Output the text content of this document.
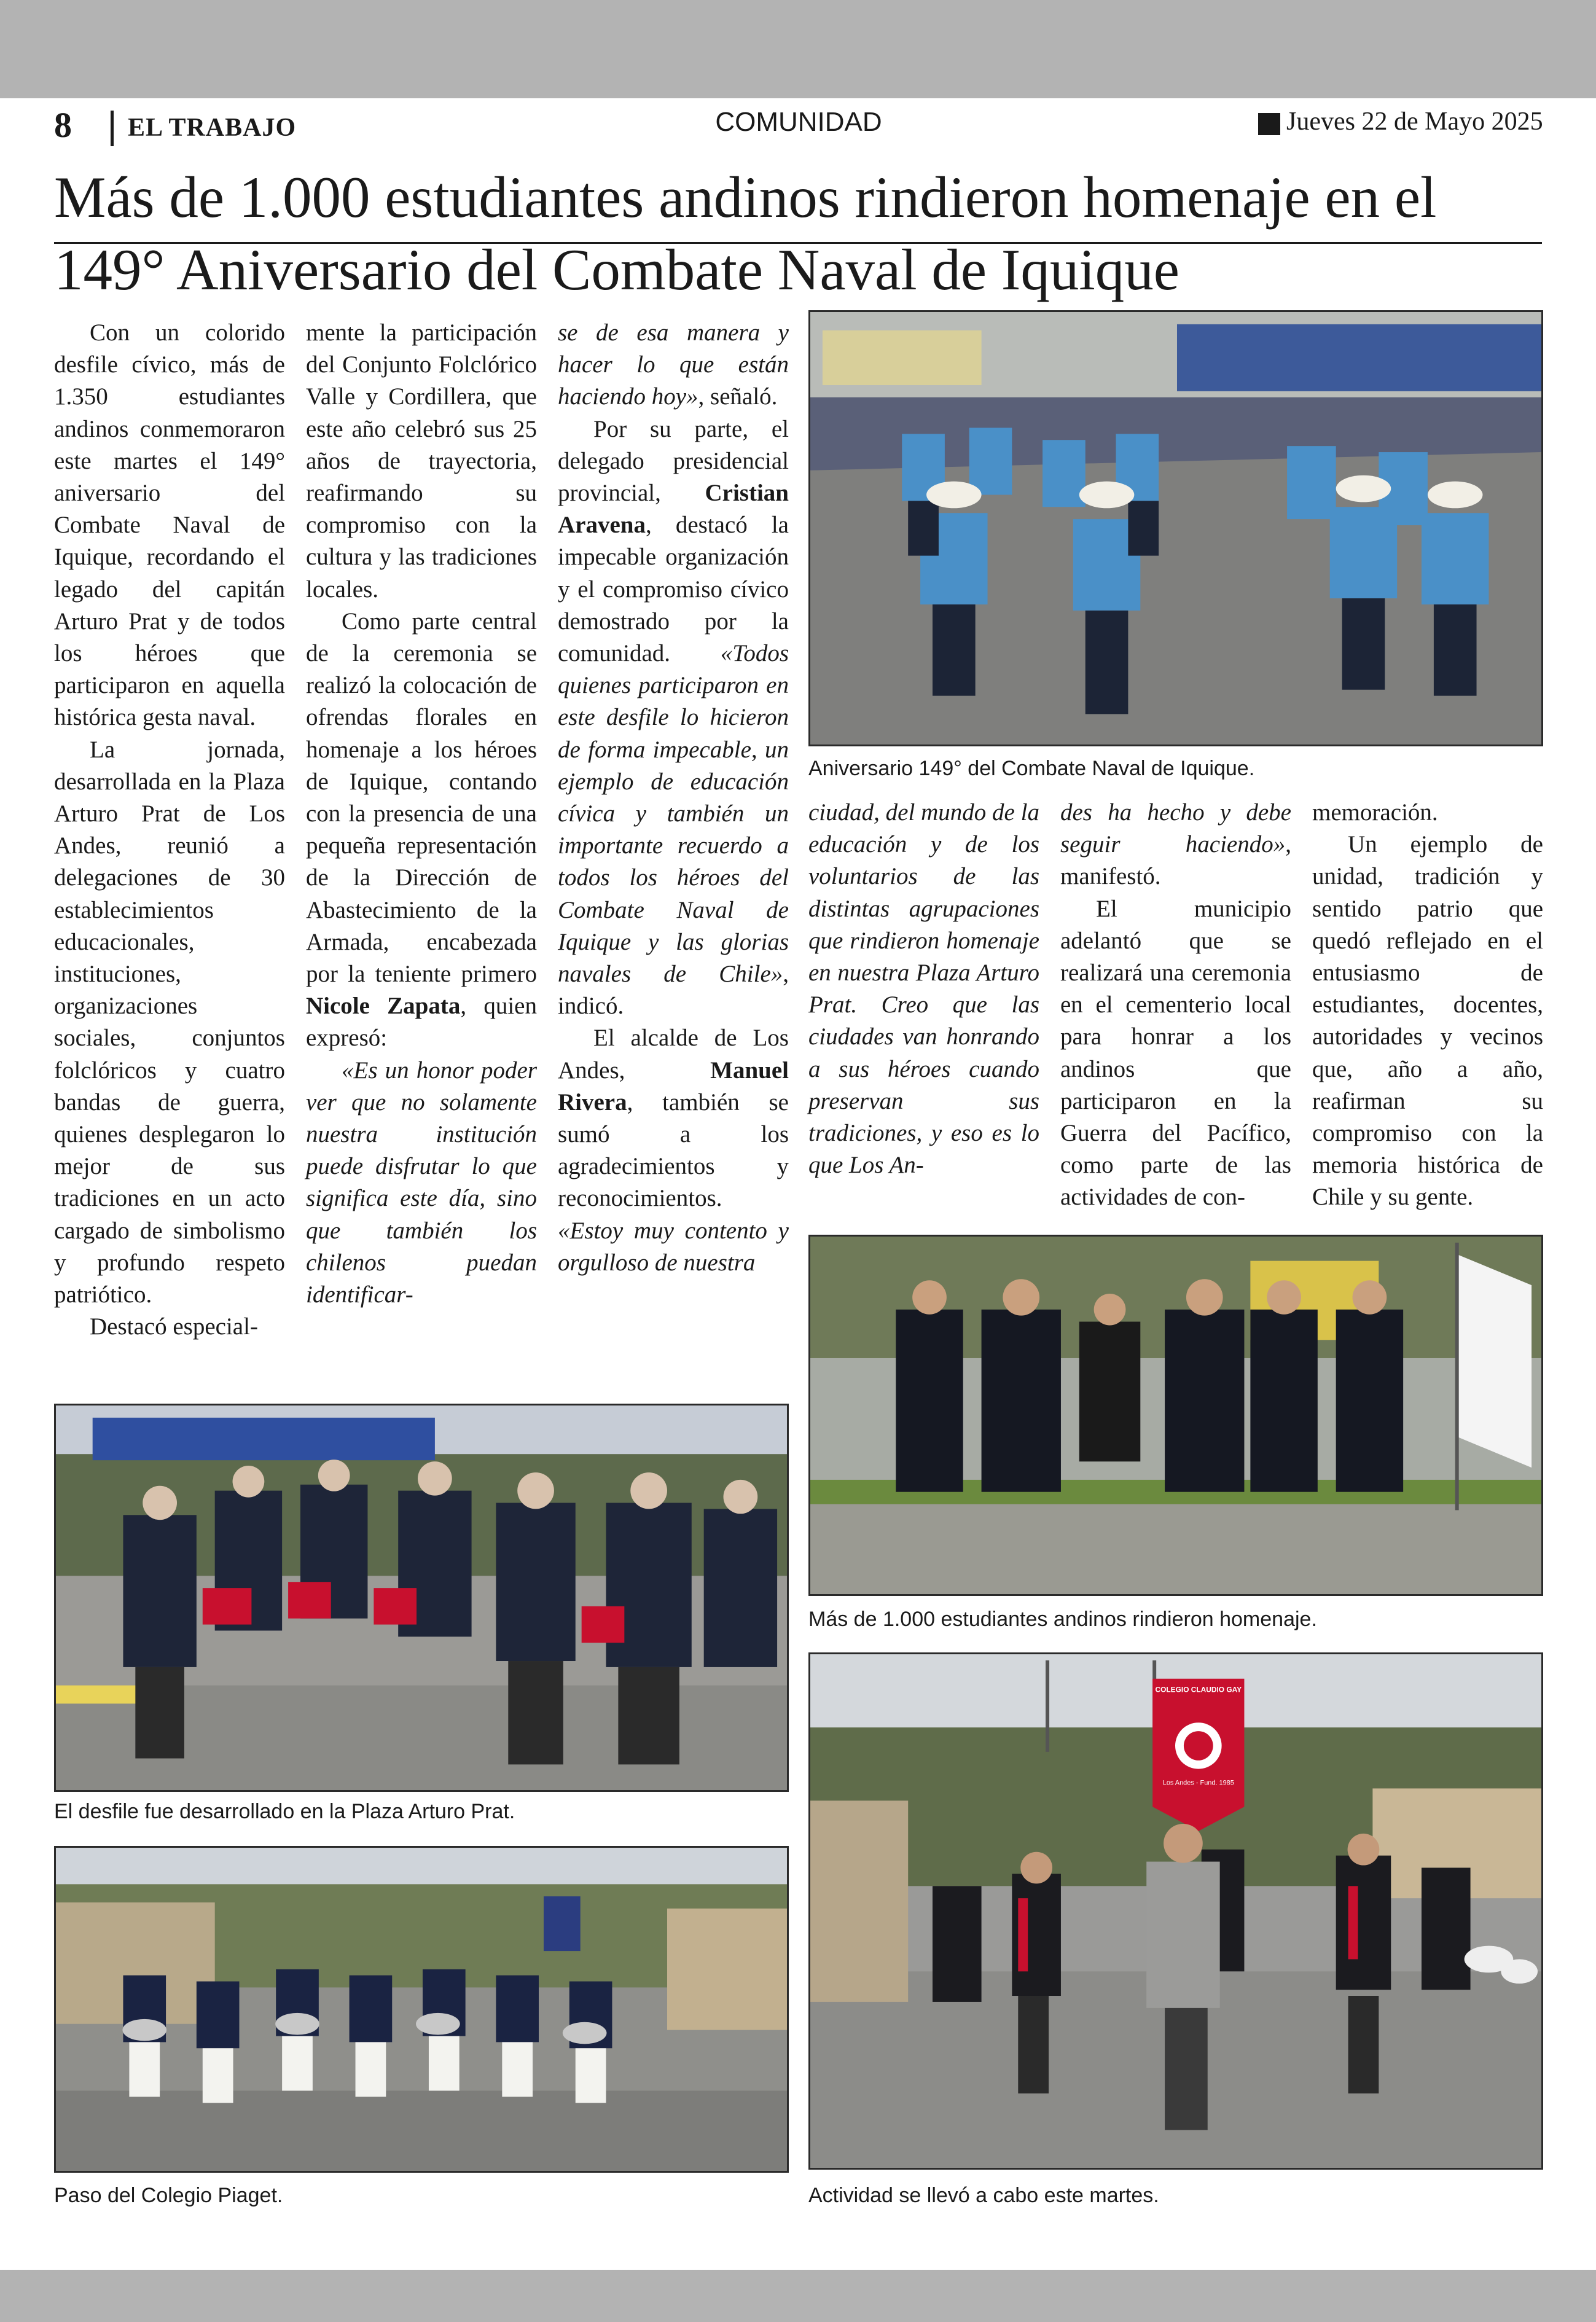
8 EL TRABAJO	COMUNIDAD	Jueves 22 de Mayo 2025
Más de 1.000 estudiantes andinos rindieron homenaje en el 149° Aniversario del Combate Naval de Iquique

Con un colorido desfile cívico, más de 1.350 estudiantes andinos conmemoraron este martes el 149° aniversario del Combate Naval de Iquique, recordando el legado del capitán Arturo Prat y de todos los héroes que participaron en aquella histórica gesta naval.

La jornada, desarrollada en la Plaza Arturo Prat de Los Andes, reunió a delegaciones de 30 establecimientos educacionales, instituciones, organizaciones sociales, conjuntos folclóricos y cuatro bandas de guerra, quienes desplegaron lo mejor de sus tradiciones en un acto cargado de simbolismo y profundo respeto patriótico.

Destacó especial-

mente la participación del Conjunto Folclórico Valle y Cordillera, que este año celebró sus 25 años de trayectoria, reafirmando su compromiso con la cultura y las tradiciones locales.

Como parte central de la ceremonia se realizó la colocación de ofrendas florales en homenaje a los héroes de Iquique, contando con la presencia de una pequeña representación de la Dirección de Abastecimiento de la Armada, encabezada por la teniente primero Nicole Zapata, quien expresó:

«Es un honor poder ver que no solamente nuestra institución puede disfrutar lo que significa este día, sino que también los chilenos puedan identificar-

se de esa manera y hacer lo que están haciendo hoy», señaló.

Por su parte, el delegado presidencial provincial, Cristian Aravena, destacó la impecable organización y el compromiso cívico demostrado por la comunidad. «Todos quienes participaron en este desfile lo hicieron de forma impecable, un ejemplo de educación cívica y también un importante recuerdo a todos los héroes del Combate Naval de Iquique y las glorias navales de Chile», indicó.

El alcalde de Los Andes, Manuel Rivera, también se sumó a los agradecimientos y reconocimientos. «Estoy muy contento y orgulloso de nuestra

ciudad, del mundo de la educación y de los voluntarios de las distintas agrupaciones que rindieron homenaje en nuestra Plaza Arturo Prat. Creo que las ciudades van honrando a sus héroes cuando preservan sus tradiciones, y eso es lo que Los An-

des ha hecho y debe seguir haciendo», manifestó.

El municipio adelantó que se realizará una ceremonia en el cementerio local para honrar a los andinos que participaron en la Guerra del Pacífico, como parte de las actividades de con-

memoración.

Un ejemplo de unidad, tradición y sentido patrio que quedó reflejado en el entusiasmo de estudiantes, docentes, autoridades y vecinos que, año a año, reafirman su compromiso con la memoria histórica de Chile y su gente.

Aniversario 149° del Combate Naval de Iquique.
Más de 1.000 estudiantes andinos rindieron homenaje.
El desfile fue desarrollado en la Plaza Arturo Prat.
Paso del Colegio Piaget.
COLEGIO CLAUDIO GAY
Los Andes - Fund. 1985
Actividad se llevó a cabo este martes.
